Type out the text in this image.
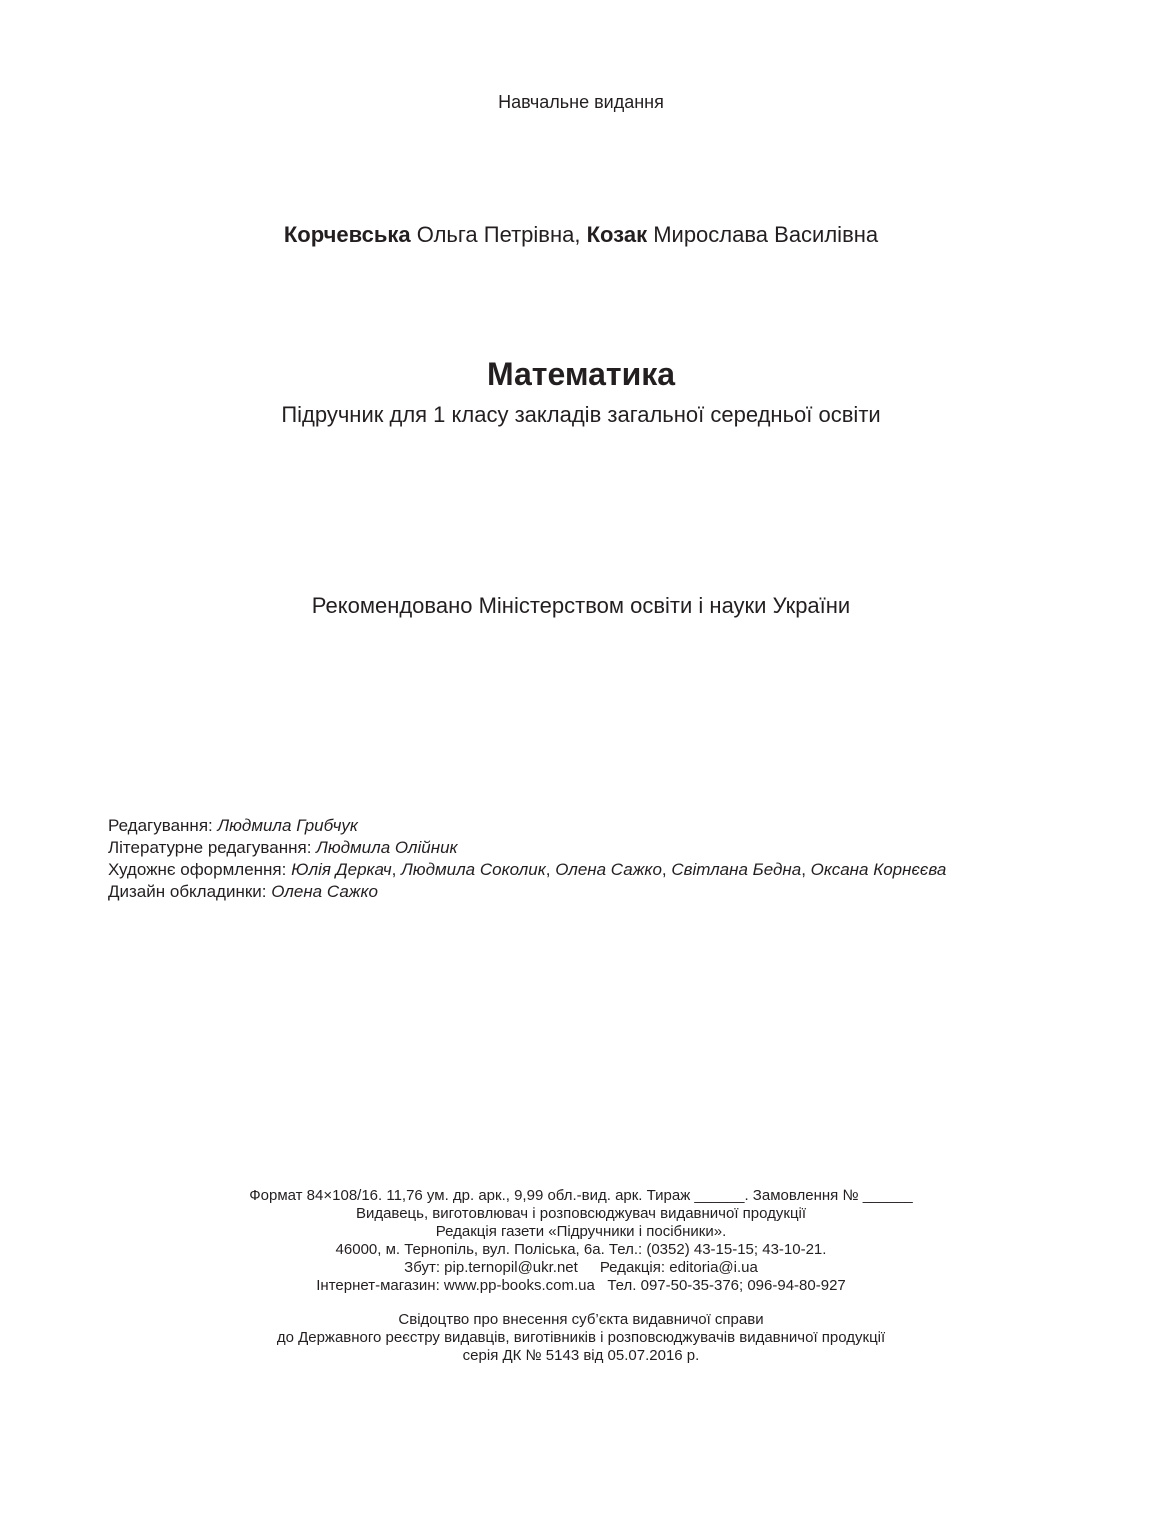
Навчальне видання
Корчевська Ольга Петрівна, Козак Мирослава Василівна
Математика
Підручник для 1 класу закладів загальної середньої освіти
Рекомендовано Міністерством освіти і науки України
Редагування: Людмила Грибчук
Літературне редагування: Людмила Олійник
Художнє оформлення: Юлія Деркач, Людмила Соколик, Олена Сажко, Світлана Бедна, Оксана Корнєєва
Дизайн обкладинки: Олена Сажко
Формат 84×108/16. 11,76 ум. др. арк., 9,99 обл.-вид. арк. Тираж ______. Замовлення № ______
Видавець, виготовлювач і розповсюджувач видавничої продукції
Редакція газети «Підручники і посібники».
46000, м. Тернопіль, вул. Поліська, 6а. Тел.: (0352) 43-15-15; 43-10-21.
Збут: pip.ternopil@ukr.net Редакція: editoria@i.ua
Інтернет-магазин: www.pp-books.com.ua Тел. 097-50-35-376; 096-94-80-927
Свідоцтво про внесення суб’єкта видавничої справи
до Державного реєстру видавців, виготівників і розповсюджувачів видавничої продукції
серія ДК № 5143 від 05.07.2016 р.
